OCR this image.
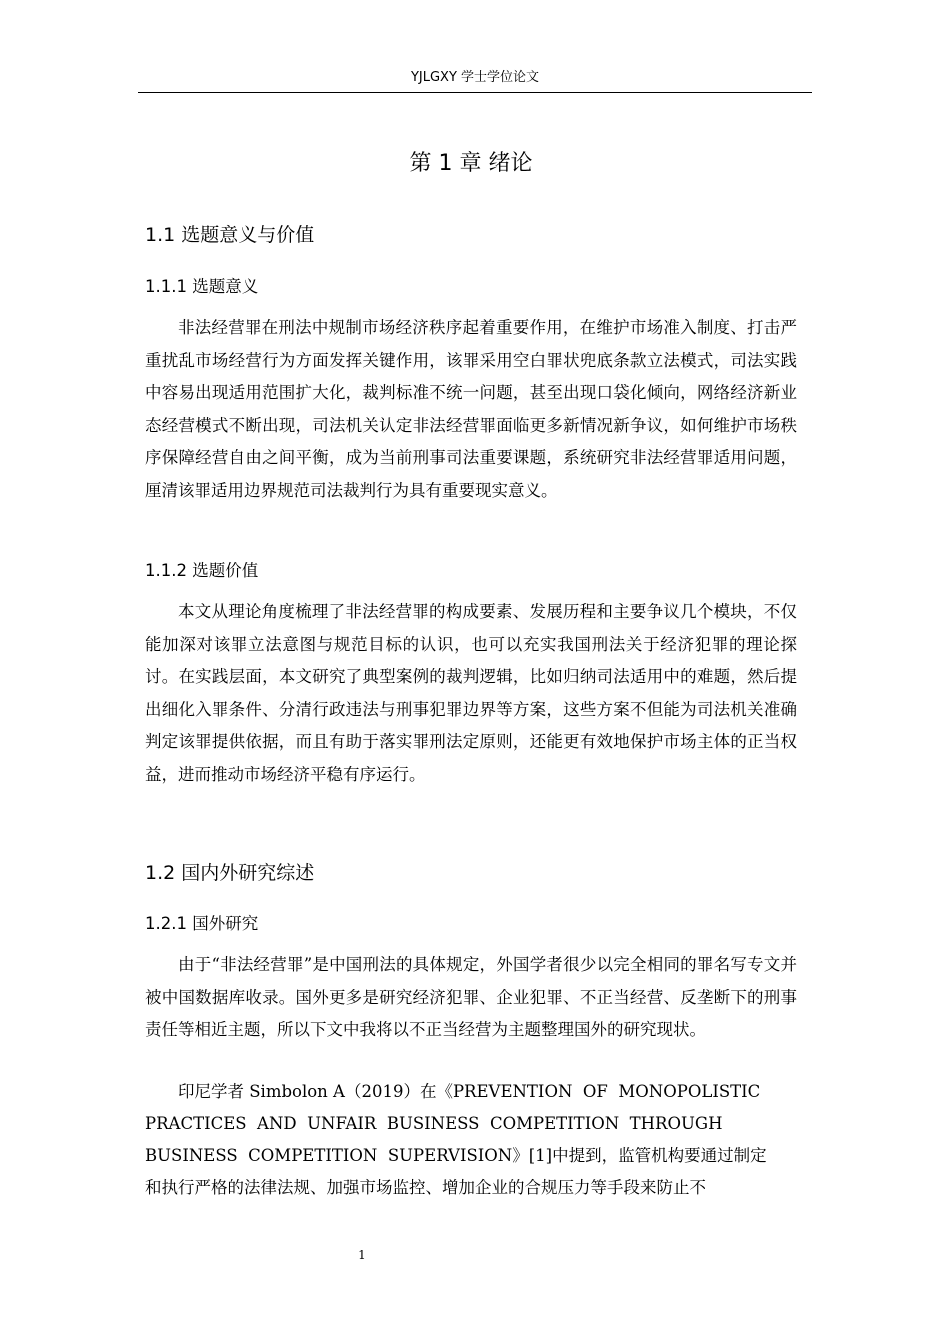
YJLGXY 学士学位论文
第 1 章 绪论
1.1 选题意义与价值
1.1.1 选题意义
非法经营罪在刑法中规制市场经济秩序起着重要作用，在维护市场准入制度、打击严重扰乱市场经营行为方面发挥关键作用，该罪采用空白罪状兜底条款立法模式，司法实践中容易出现适用范围扩大化，裁判标准不统一问题，甚至出现口袋化倾向，网络经济新业态经营模式不断出现，司法机关认定非法经营罪面临更多新情况新争议，如何维护市场秩序保障经营自由之间平衡，成为当前刑事司法重要课题，系统研究非法经营罪适用问题，厘清该罪适用边界规范司法裁判行为具有重要现实意义。
1.1.2 选题价值
本文从理论角度梳理了非法经营罪的构成要素、发展历程和主要争议几个模块，不仅能加深对该罪立法意图与规范目标的认识，也可以充实我国刑法关于经济犯罪的理论探讨。在实践层面，本文研究了典型案例的裁判逻辑，比如归纳司法适用中的难题，然后提出细化入罪条件、分清行政违法与刑事犯罪边界等方案，这些方案不但能为司法机关准确判定该罪提供依据，而且有助于落实罪刑法定原则，还能更有效地保护市场主体的正当权益，进而推动市场经济平稳有序运行。
1.2 国内外研究综述
1.2.1 国外研究
由于“非法经营罪”是中国刑法的具体规定，外国学者很少以完全相同的罪名写专文并被中国数据库收录。国外更多是研究经济犯罪、企业犯罪、不正当经营、反垄断下的刑事责任等相近主题，所以下文中我将以不正当经营为主题整理国外的研究现状。
印尼学者 Simbolon A（2019）在《PREVENTION  OF  MONOPOLISTIC
PRACTICES  AND  UNFAIR  BUSINESS  COMPETITION  THROUGH
BUSINESS  COMPETITION  SUPERVISION》[1]中提到，监管机构要通过制定
和执行严格的法律法规、加强市场监控、增加企业的合规压力等手段来防止不
1
